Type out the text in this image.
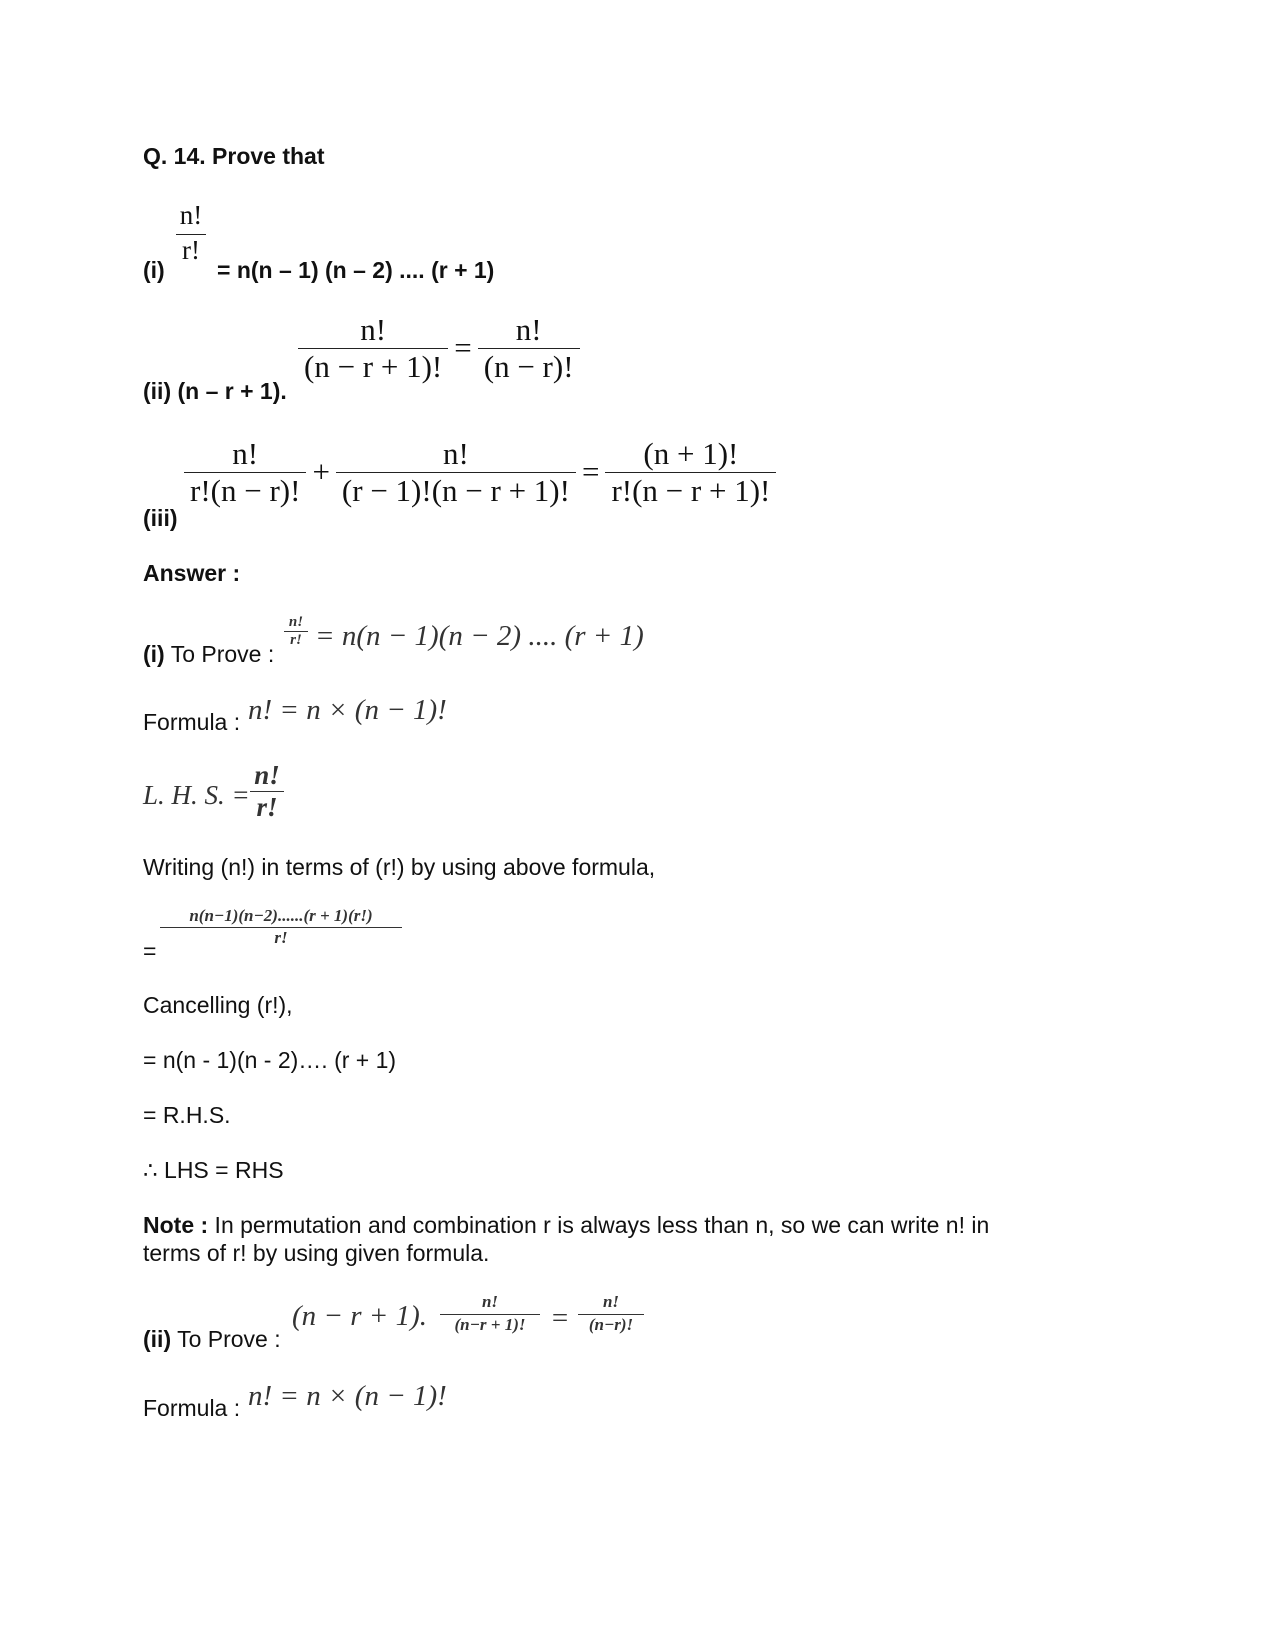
Q. 14. Prove that
$\frac{n!}{r!}$
(i) = n(n – 1) (n – 2) .... (r + 1)
(ii) (n – r + 1).
$\frac{n!}{(n - r + 1)!} = \frac{n!}{(n - r)!}$
(iii)
$\frac{n!}{r!(n - r)!} + \frac{n!}{(r - 1)!(n - r + 1)!} = \frac{(n + 1)!}{r!(n - r + 1)!}$
Answer :
(i) To Prove :
$\frac{n!}{r!} = n(n - 1)(n - 2)$ .... (r + 1)
Formula : n! = n × (n − 1)!
L. H. S. = $\frac{n!}{r!}$
Writing (n!) in terms of (r!) by using above formula,
=
$\frac{n(n-1)(n-2)......(r + 1)(r!)}{r!}$
Cancelling (r!),
= n(n - 1)(n - 2)…. (r + 1)
= R.H.S.
∴ LHS = RHS
Note : In permutation and combination r is always less than n, so we can write n! in
terms of r! by using given formula.
(ii) To Prove :
(n − r + 1). $\frac{n!}{(n-r + 1)!} = \frac{n!}{(n-r)!}$
Formula : n! = n × (n − 1)!
